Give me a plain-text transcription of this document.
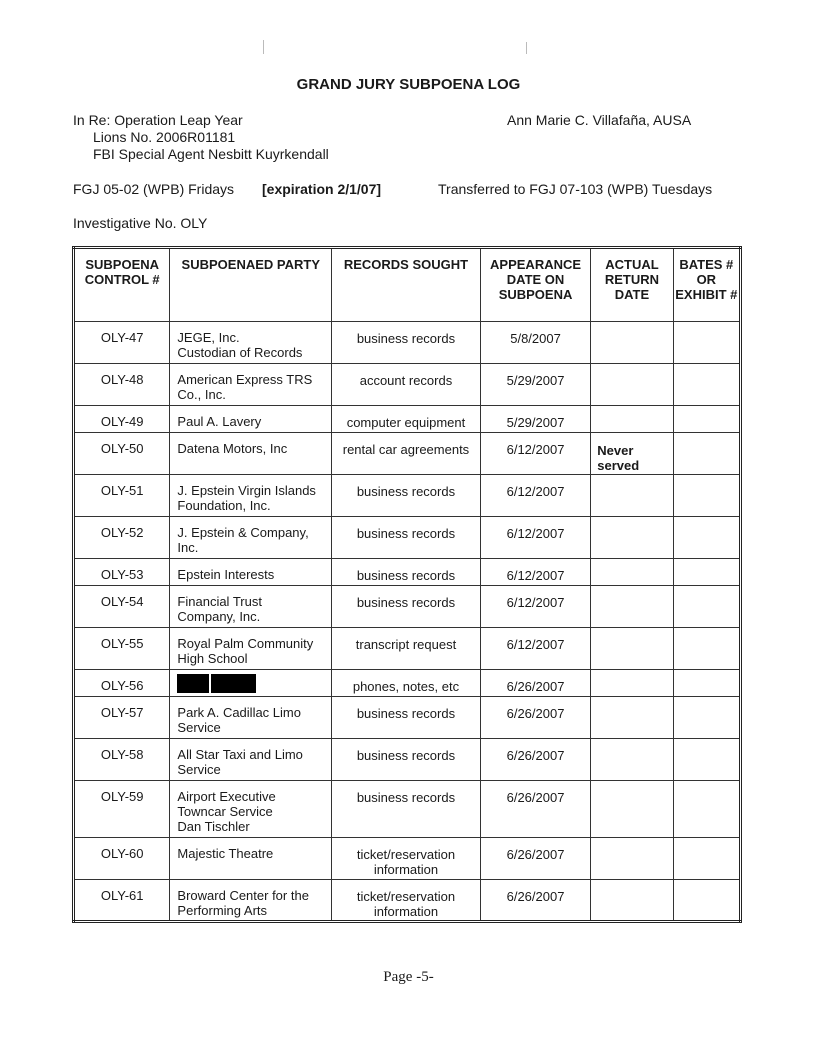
GRAND JURY SUBPOENA LOG
In Re: Operation Leap Year
Lions No. 2006R01181
FBI Special Agent Nesbitt Kuyrkendall
Ann Marie C. Villafaña, AUSA
FGJ 05-02 (WPB) Fridays [expiration 2/1/07]	Transferred to FGJ 07-103 (WPB) Tuesdays
Investigative No. OLY
SUBPOENA CONTROL #	SUBPOENAED PARTY	RECORDS SOUGHT	APPEARANCE DATE ON SUBPOENA	ACTUAL RETURN DATE	BATES # OR EXHIBIT #
OLY-47	JEGE, Inc.
Custodian of Records	business records	5/8/2007		
OLY-48	American Express TRS
Co., Inc.	account records	5/29/2007		
OLY-49	Paul A. Lavery	computer equipment	5/29/2007		
OLY-50	Datena Motors, Inc	rental car agreements	6/12/2007	Never
served	
OLY-51	J. Epstein Virgin Islands
Foundation, Inc.	business records	6/12/2007		
OLY-52	J. Epstein & Company,
Inc.	business records	6/12/2007		
OLY-53	Epstein Interests	business records	6/12/2007		
OLY-54	Financial Trust
Company, Inc.	business records	6/12/2007		
OLY-55	Royal Palm Community
High School	transcript request	6/12/2007		
OLY-56		phones, notes, etc	6/26/2007		
OLY-57	Park A. Cadillac Limo
Service	business records	6/26/2007		
OLY-58	All Star Taxi and Limo
Service	business records	6/26/2007		
OLY-59	Airport Executive
Towncar Service
Dan Tischler	business records	6/26/2007		
OLY-60	Majestic Theatre	ticket/reservation
information	6/26/2007		
OLY-61	Broward Center for the
Performing Arts	ticket/reservation
information	6/26/2007		
Page -5-
